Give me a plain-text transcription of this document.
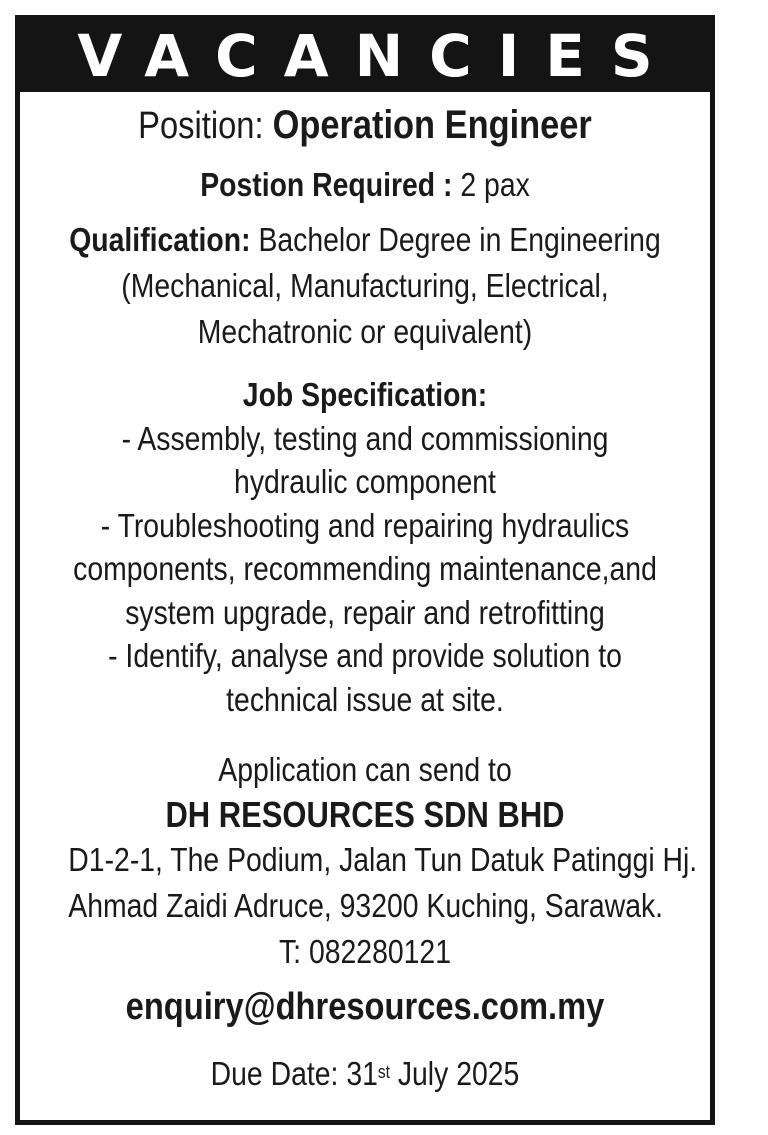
VACANCIES
Position: Operation Engineer
Postion Required : 2 pax
Qualification: Bachelor Degree in Engineering
(Mechanical, Manufacturing, Electrical,
Mechatronic or equivalent)
Job Specification:
- Assembly, testing and commissioning
hydraulic component
- Troubleshooting and repairing hydraulics
components, recommending maintenance,and
system upgrade, repair and retrofitting
- Identify, analyse and provide solution to
technical issue at site.
Application can send to
DH RESOURCES SDN BHD
D1-2-1, The Podium, Jalan Tun Datuk Patinggi Hj.
Ahmad Zaidi Adruce, 93200 Kuching, Sarawak.
T: 082280121
enquiry@dhresources.com.my
Due Date: 31st July 2025
